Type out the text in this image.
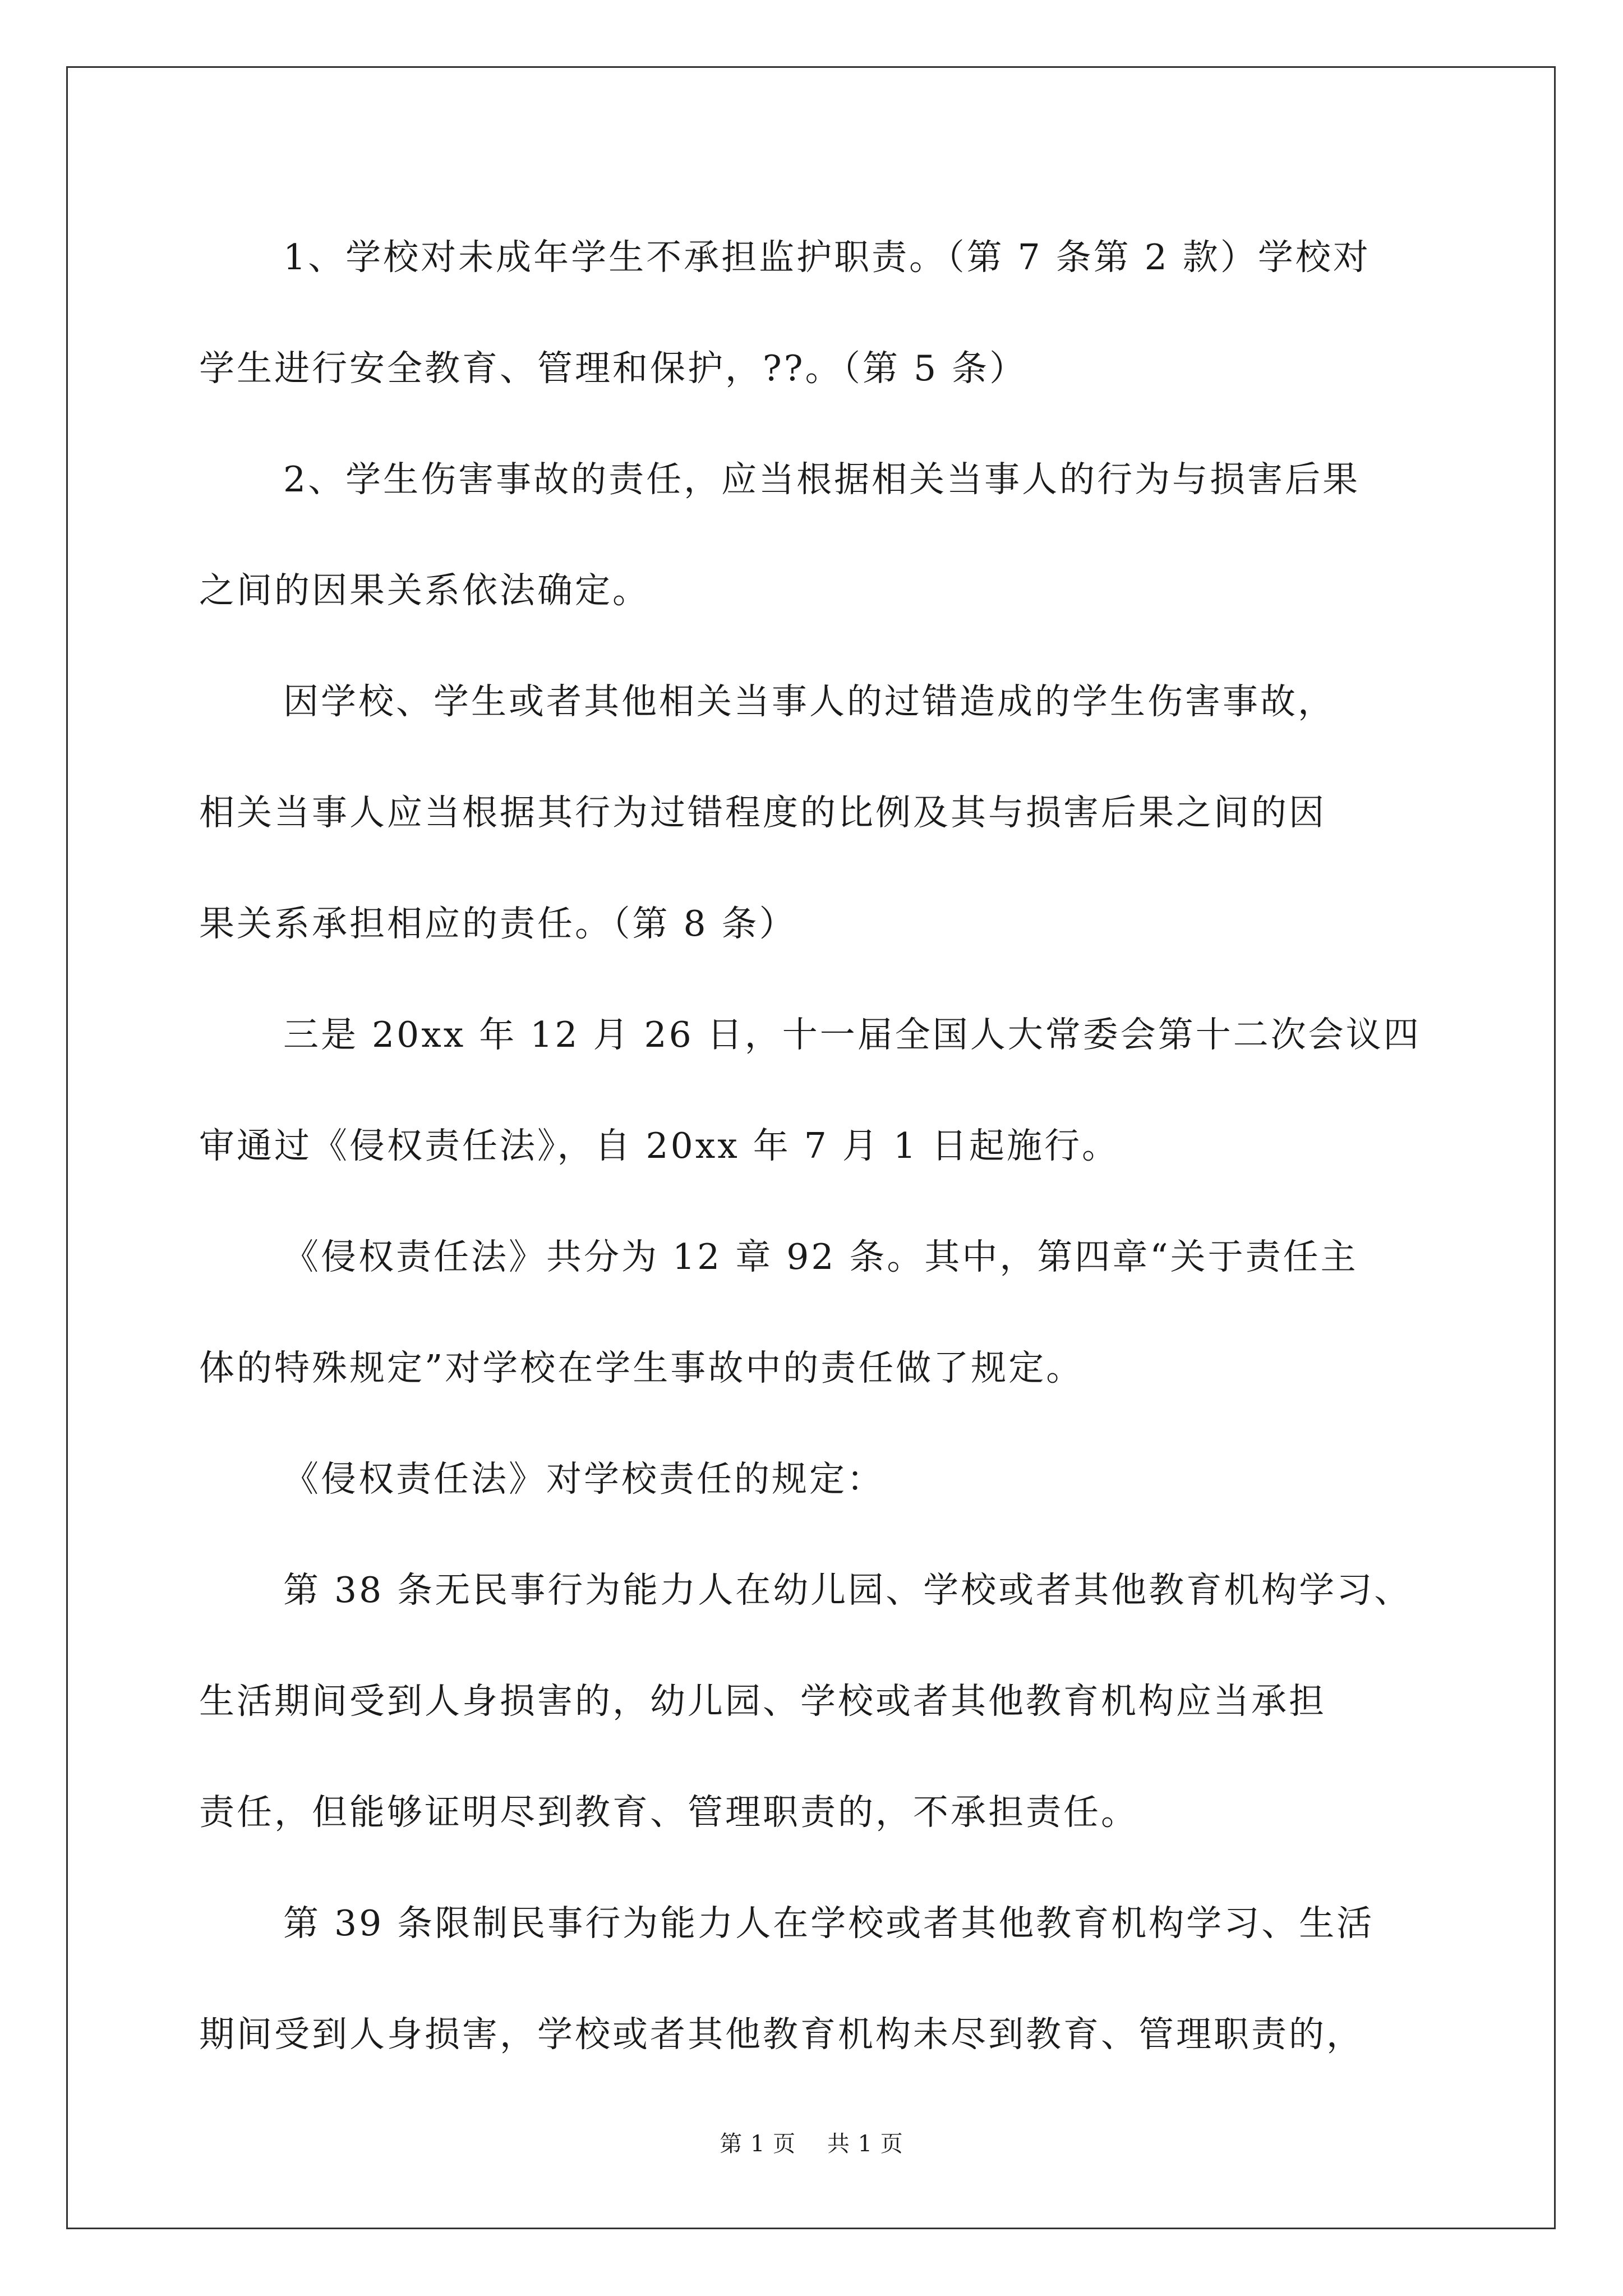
1、学校对未成年学生不承担监护职责。（第 7 条第 2 款）学校对
学生进行安全教育、管理和保护，??。（第 5 条）

2、学生伤害事故的责任，应当根据相关当事人的行为与损害后果
之间的因果关系依法确定。

因学校、学生或者其他相关当事人的过错造成的学生伤害事故，
相关当事人应当根据其行为过错程度的比例及其与损害后果之间的因
果关系承担相应的责任。（第 8 条）

三是 20xx 年 12 月 26 日，十一届全国人大常委会第十二次会议四
审通过《侵权责任法》，自 20xx 年 7 月 1 日起施行。

《侵权责任法》共分为 12 章 92 条。其中，第四章“关于责任主
体的特殊规定”对学校在学生事故中的责任做了规定。

《侵权责任法》对学校责任的规定：

第 38 条无民事行为能力人在幼儿园、学校或者其他教育机构学习、
生活期间受到人身损害的，幼儿园、学校或者其他教育机构应当承担
责任，但能够证明尽到教育、管理职责的，不承担责任。

第 39 条限制民事行为能力人在学校或者其他教育机构学习、生活
期间受到人身损害，学校或者其他教育机构未尽到教育、管理职责的，

第 1 页 共 1 页
